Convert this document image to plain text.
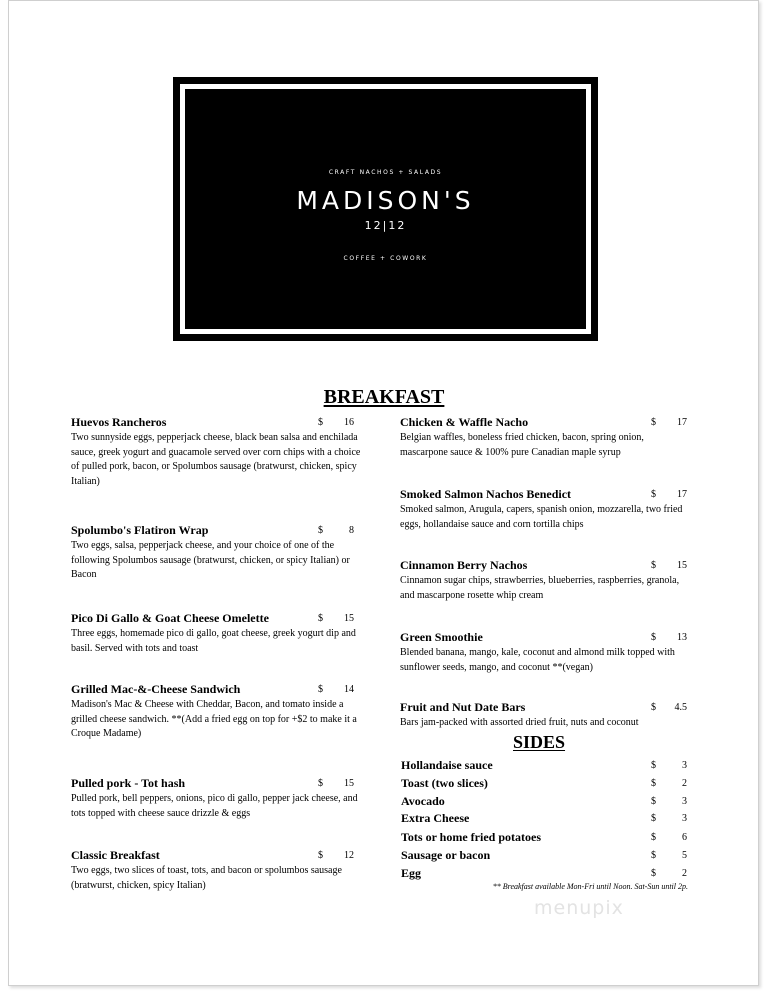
CRAFT NACHOS + SALADS
MADISON'S
12|12
COFFEE + COWORK
BREAKFAST
Huevos Rancheros	$ 16
Two sunnyside eggs, pepperjack cheese, black bean salsa and enchilada sauce, greek yogurt and guacamole served over corn chips with a choice of pulled pork, bacon, or Spolumbos sausage (bratwurst, chicken, spicy Italian)
Spolumbo's Flatiron Wrap	$	8
Two eggs, salsa, pepperjack cheese, and your choice of one of the following Spolumbos sausage (bratwurst, chicken, or spicy Italian) or Bacon
Pico Di Gallo & Goat Cheese Omelette	$ 15
Three eggs, homemade pico di gallo, goat cheese, greek yogurt dip and basil. Served with tots and toast
Grilled Mac-&-Cheese Sandwich	$ 14
Madison's Mac & Cheese with Cheddar, Bacon, and tomato inside a grilled cheese sandwich. **(Add a fried egg on top for +$2 to make it a Croque Madame)
Pulled pork - Tot hash	$ 15
Pulled pork, bell peppers, onions, pico di gallo, pepper jack cheese, and tots topped with cheese sauce drizzle & eggs
Classic Breakfast	$ 12
Two eggs, two slices of toast, tots, and bacon or spolumbos sausage (bratwurst, chicken, spicy Italian)
Chicken & Waffle Nacho	$ 17
Belgian waffles, boneless fried chicken, bacon, spring onion, mascarpone sauce & 100% pure Canadian maple syrup
Smoked Salmon Nachos Benedict	$ 17
Smoked salmon, Arugula, capers, spanish onion, mozzarella, two fried eggs, hollandaise sauce and corn tortilla chips
Cinnamon Berry Nachos	$ 15
Cinnamon sugar chips, strawberries, blueberries, raspberries, granola, and mascarpone rosette whip cream
Green Smoothie	$ 13
Blended banana, mango, kale, coconut and almond milk topped with sunflower seeds, mango, and coconut **(vegan)
Fruit and Nut Date Bars	$ 4.5
Bars jam-packed with assorted dried fruit, nuts and coconut
SIDES
Hollandaise sauce	$	3
Toast (two slices)	$	2
Avocado	$	3
Extra Cheese	$	3
Tots or home fried potatoes	$	6
Sausage or bacon	$	5
Egg	$	2
** Breakfast available Mon-Fri until Noon. Sat-Sun until 2p.
menupix
